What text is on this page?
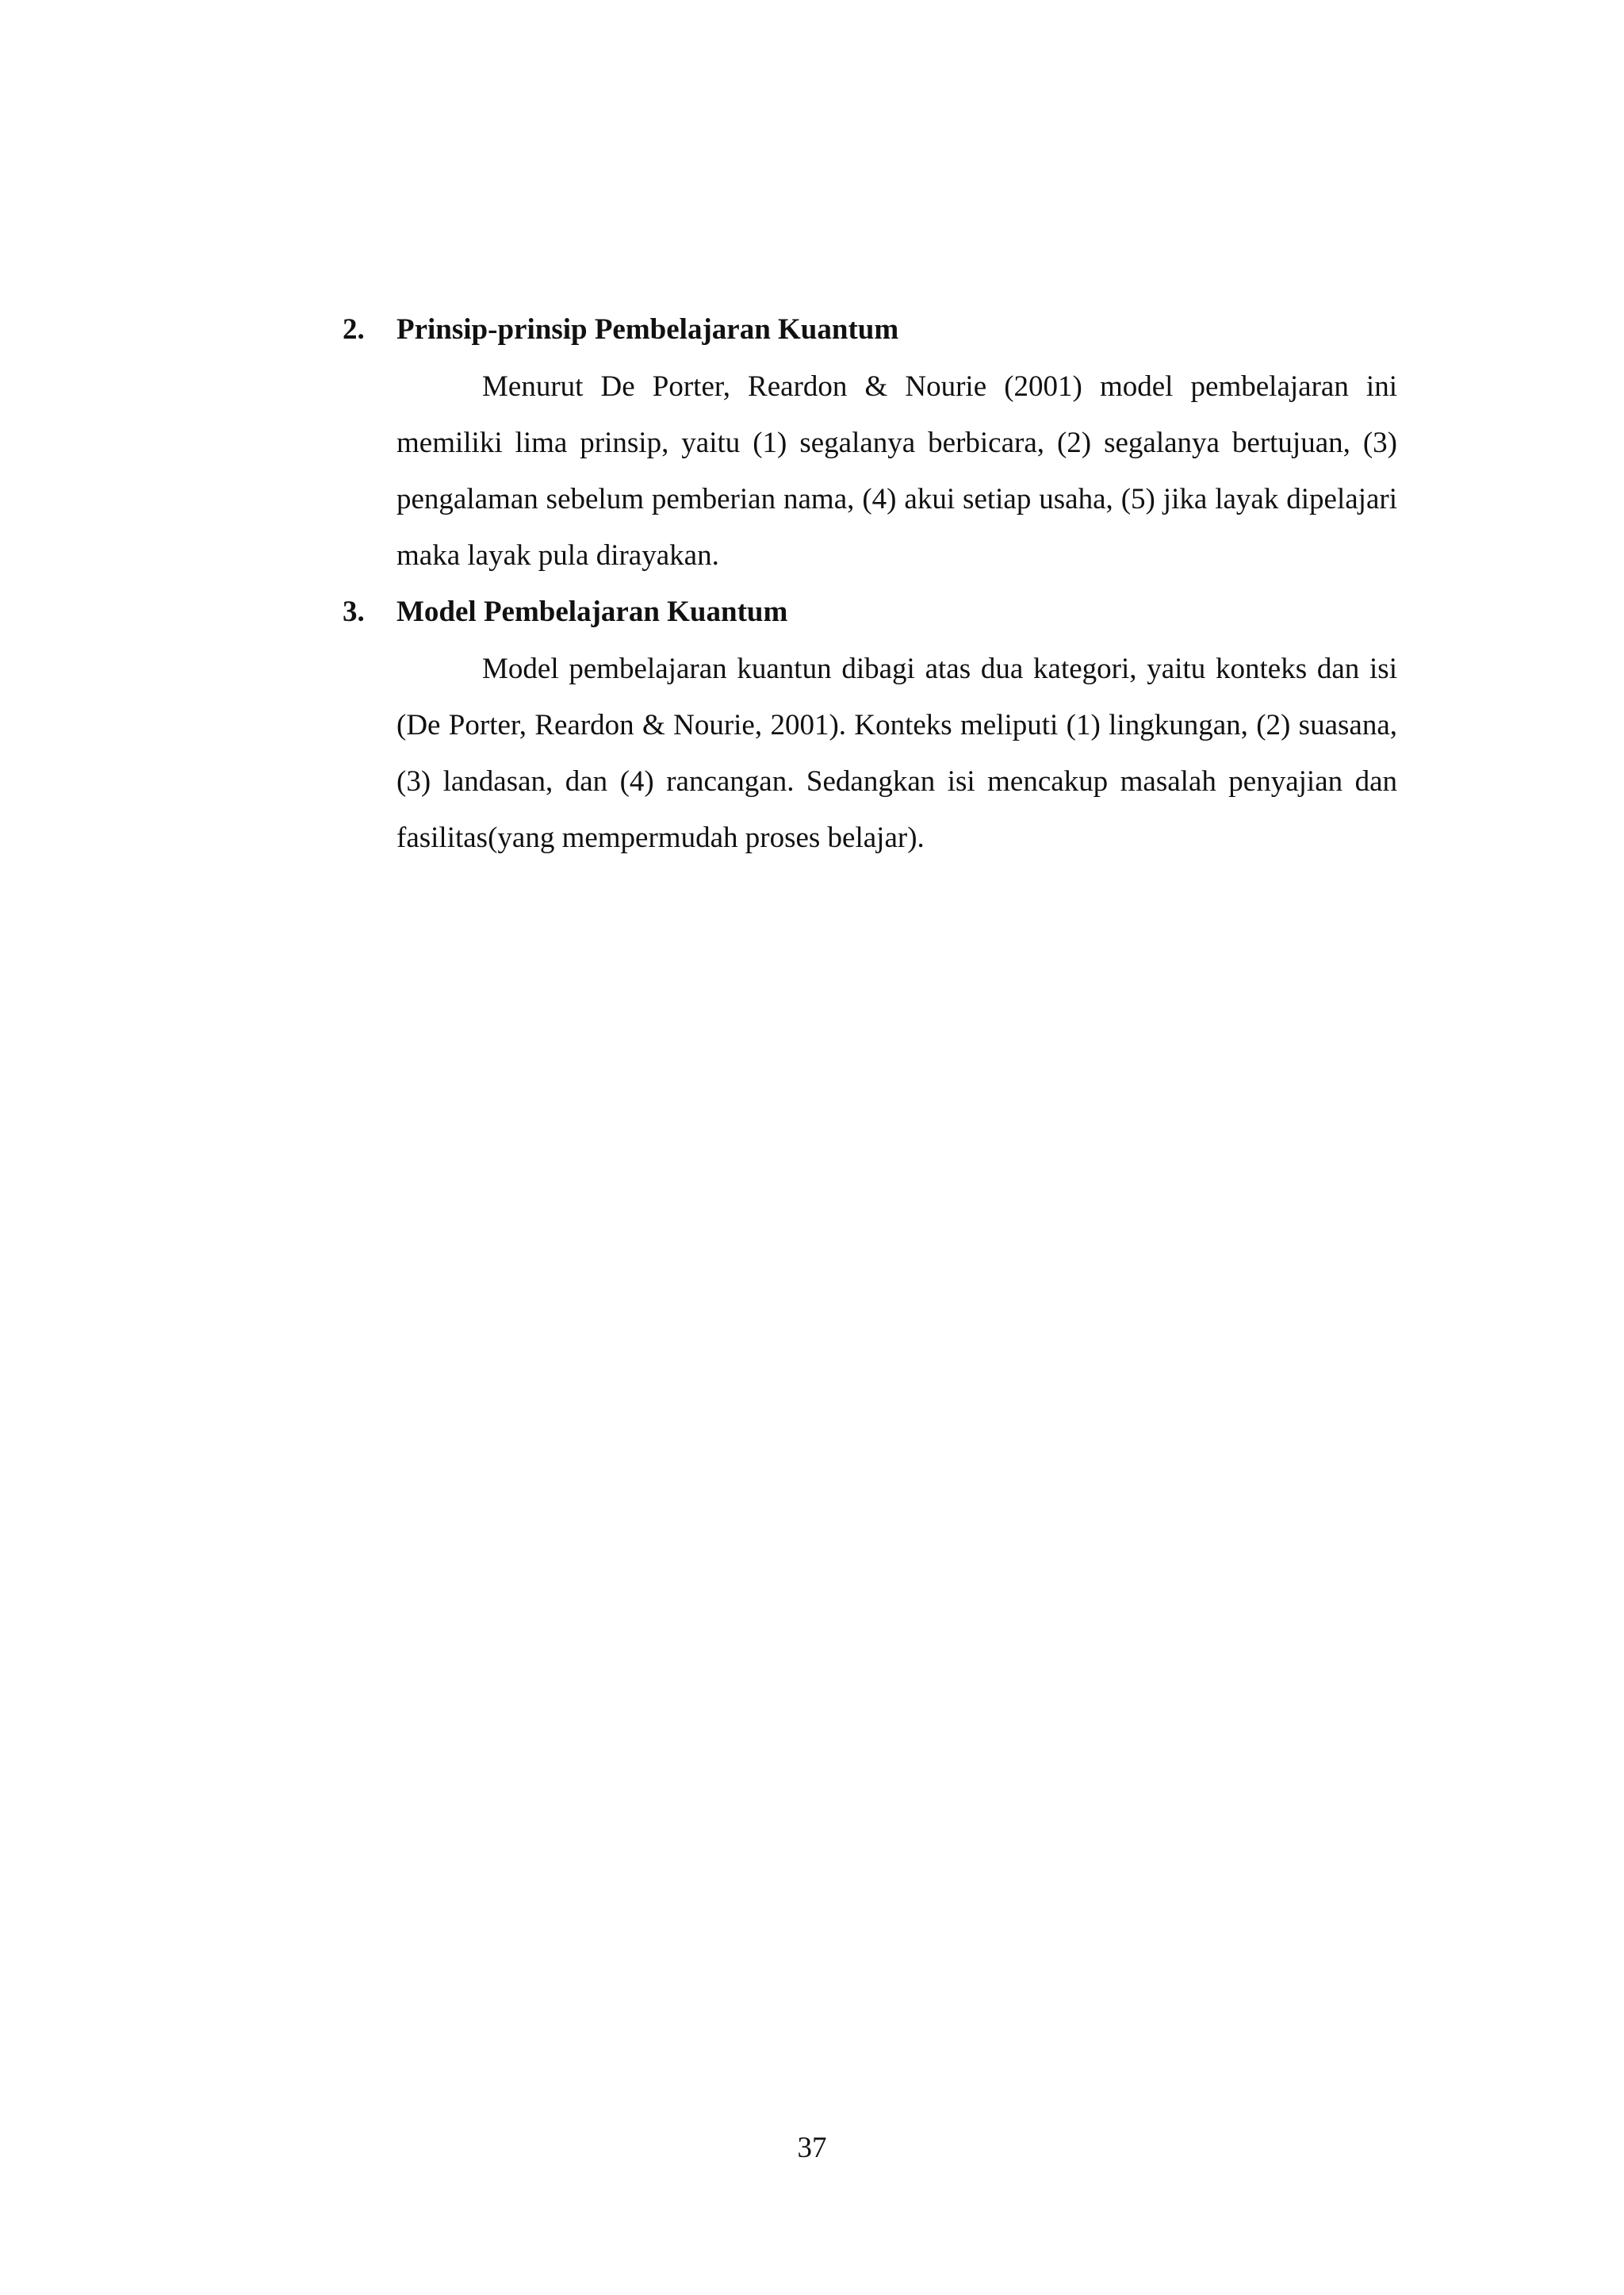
2. Prinsip-prinsip Pembelajaran Kuantum

Menurut De Porter, Reardon & Nourie (2001) model pembelajaran ini memiliki lima prinsip, yaitu (1) segalanya berbicara, (2) segalanya bertujuan, (3) pengalaman sebelum pemberian nama, (4) akui setiap usaha, (5) jika layak dipelajari maka layak pula dirayakan.

3. Model Pembelajaran Kuantum

Model pembelajaran kuantun dibagi atas dua kategori, yaitu konteks dan isi (De Porter, Reardon & Nourie, 2001). Konteks meliputi (1) lingkungan, (2) suasana, (3) landasan, dan (4) rancangan. Sedangkan isi mencakup masalah penyajian dan fasilitas(yang mempermudah proses belajar).

37
